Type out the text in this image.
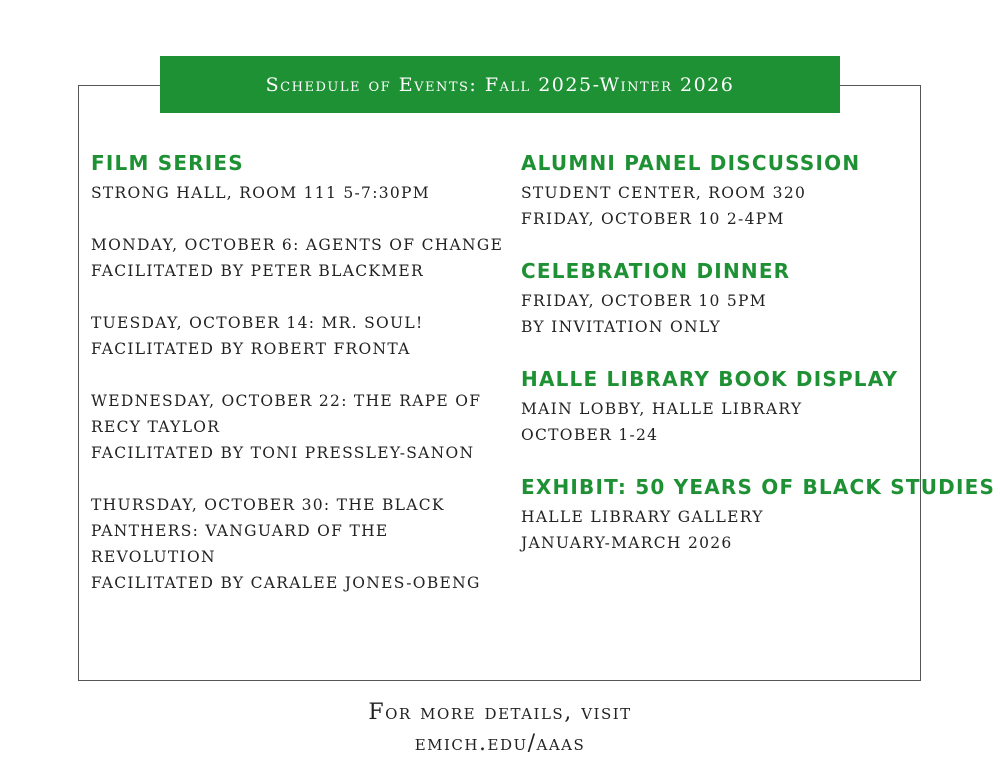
Schedule of Events: Fall 2025-Winter 2026
FILM SERIES
STRONG HALL, ROOM 111 5-7:30PM
MONDAY, OCTOBER 6: AGENTS OF CHANGE
FACILITATED BY PETER BLACKMER
TUESDAY, OCTOBER 14: MR. SOUL!
FACILITATED BY ROBERT FRONTA
WEDNESDAY, OCTOBER 22: THE RAPE OF
RECY TAYLOR
FACILITATED BY TONI PRESSLEY-SANON
THURSDAY, OCTOBER 30: THE BLACK
PANTHERS: VANGUARD OF THE
REVOLUTION
FACILITATED BY CARALEE JONES-OBENG
ALUMNI PANEL DISCUSSION
STUDENT CENTER, ROOM 320
FRIDAY, OCTOBER 10 2-4PM
CELEBRATION DINNER
FRIDAY, OCTOBER 10 5PM
BY INVITATION ONLY
HALLE LIBRARY BOOK DISPLAY
MAIN LOBBY, HALLE LIBRARY
OCTOBER 1-24
EXHIBIT: 50 YEARS OF BLACK STUDIES
HALLE LIBRARY GALLERY
JANUARY-MARCH 2026
For more details, visit
emich.edu/aaas
